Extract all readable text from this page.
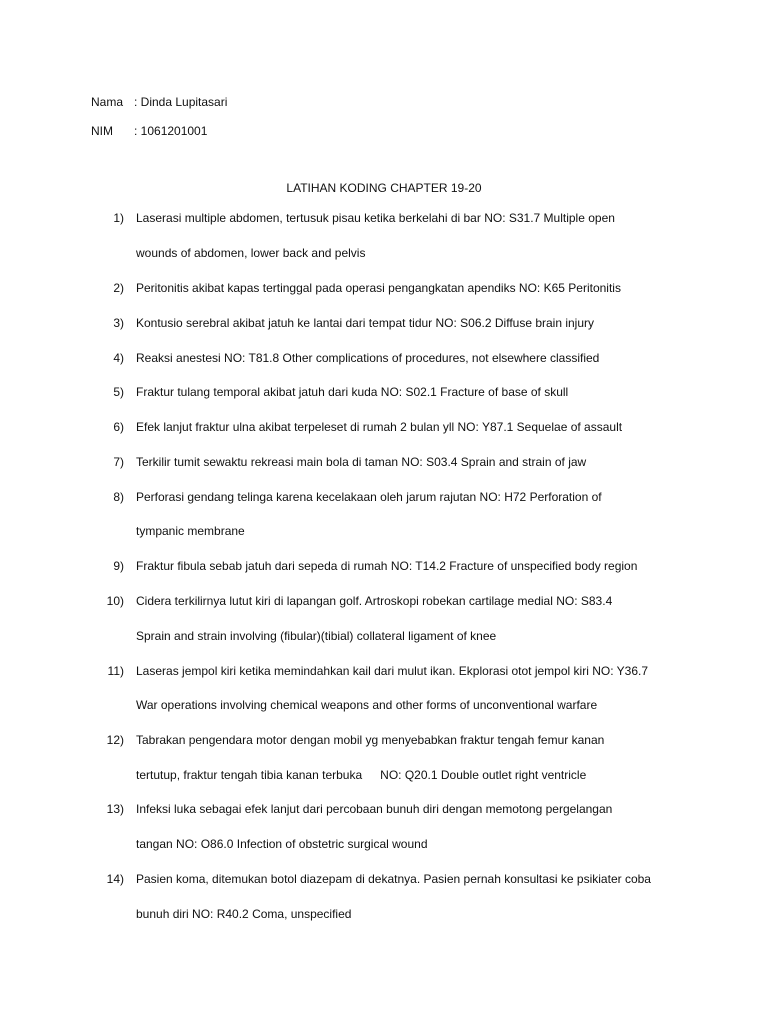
Nama : Dinda Lupitasari
NIM : 1061201001
LATIHAN KODING CHAPTER 19-20
1) Laserasi multiple abdomen, tertusuk pisau ketika berkelahi di bar NO: S31.7 Multiple open
wounds of abdomen, lower back and pelvis
2) Peritonitis akibat kapas tertinggal pada operasi pengangkatan apendiks NO: K65 Peritonitis
3) Kontusio serebral akibat jatuh ke lantai dari tempat tidur NO: S06.2 Diffuse brain injury
4) Reaksi anestesi NO: T81.8 Other complications of procedures, not elsewhere classified
5) Fraktur tulang temporal akibat jatuh dari kuda NO: S02.1 Fracture of base of skull
6) Efek lanjut fraktur ulna akibat terpeleset di rumah 2 bulan yll NO: Y87.1 Sequelae of assault
7) Terkilir tumit sewaktu rekreasi main bola di taman NO: S03.4 Sprain and strain of jaw
8) Perforasi gendang telinga karena kecelakaan oleh jarum rajutan NO: H72 Perforation of
tympanic membrane
9) Fraktur fibula sebab jatuh dari sepeda di rumah NO: T14.2 Fracture of unspecified body region
10) Cidera terkilirnya lutut kiri di lapangan golf. Artroskopi robekan cartilage medial NO: S83.4
Sprain and strain involving (fibular)(tibial) collateral ligament of knee
11) Laseras jempol kiri ketika memindahkan kail dari mulut ikan. Ekplorasi otot jempol kiri NO: Y36.7
War operations involving chemical weapons and other forms of unconventional warfare
12) Tabrakan pengendara motor dengan mobil yg menyebabkan fraktur tengah femur kanan
tertutup, fraktur tengah tibia kanan terbuka NO: Q20.1 Double outlet right ventricle
13) Infeksi luka sebagai efek lanjut dari percobaan bunuh diri dengan memotong pergelangan
tangan NO: O86.0 Infection of obstetric surgical wound
14) Pasien koma, ditemukan botol diazepam di dekatnya. Pasien pernah konsultasi ke psikiater coba
bunuh diri NO: R40.2 Coma, unspecified
